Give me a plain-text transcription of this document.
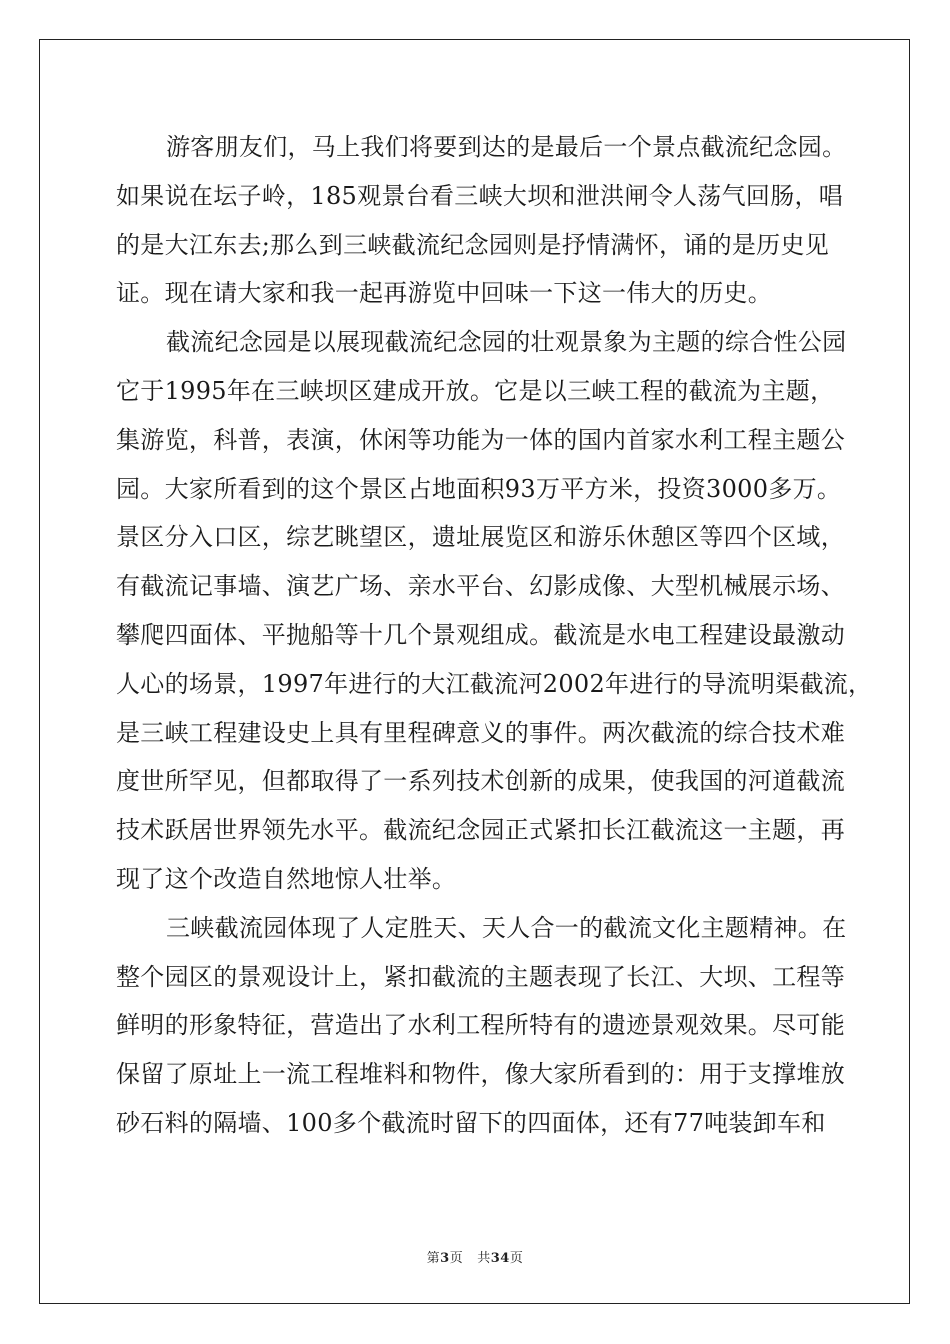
游客朋友们，马上我们将要到达的是最后一个景点截流纪念园。
如果说在坛子岭，185观景台看三峡大坝和泄洪闸令人荡气回肠，唱
的是大江东去;那么到三峡截流纪念园则是抒情满怀，诵的是历史见
证。现在请大家和我一起再游览中回味一下这一伟大的历史。
截流纪念园是以展现截流纪念园的壮观景象为主题的综合性公园
它于1995年在三峡坝区建成开放。它是以三峡工程的截流为主题，
集游览，科普，表演，休闲等功能为一体的国内首家水利工程主题公
园。大家所看到的这个景区占地面积93万平方米，投资3000多万。
景区分入口区，综艺眺望区，遗址展览区和游乐休憩区等四个区域，
有截流记事墙、演艺广场、亲水平台、幻影成像、大型机械展示场、
攀爬四面体、平抛船等十几个景观组成。截流是水电工程建设最激动
人心的场景，1997年进行的大江截流河2002年进行的导流明渠截流，
是三峡工程建设史上具有里程碑意义的事件。两次截流的综合技术难
度世所罕见，但都取得了一系列技术创新的成果，使我国的河道截流
技术跃居世界领先水平。截流纪念园正式紧扣长江截流这一主题，再
现了这个改造自然地惊人壮举。
三峡截流园体现了人定胜天、天人合一的截流文化主题精神。在
整个园区的景观设计上，紧扣截流的主题表现了长江、大坝、工程等
鲜明的形象特征，营造出了水利工程所特有的遗迹景观效果。尽可能
保留了原址上一流工程堆料和物件，像大家所看到的：用于支撑堆放
砂石料的隔墙、100多个截流时留下的四面体，还有77吨装卸车和
第3页 共34页
